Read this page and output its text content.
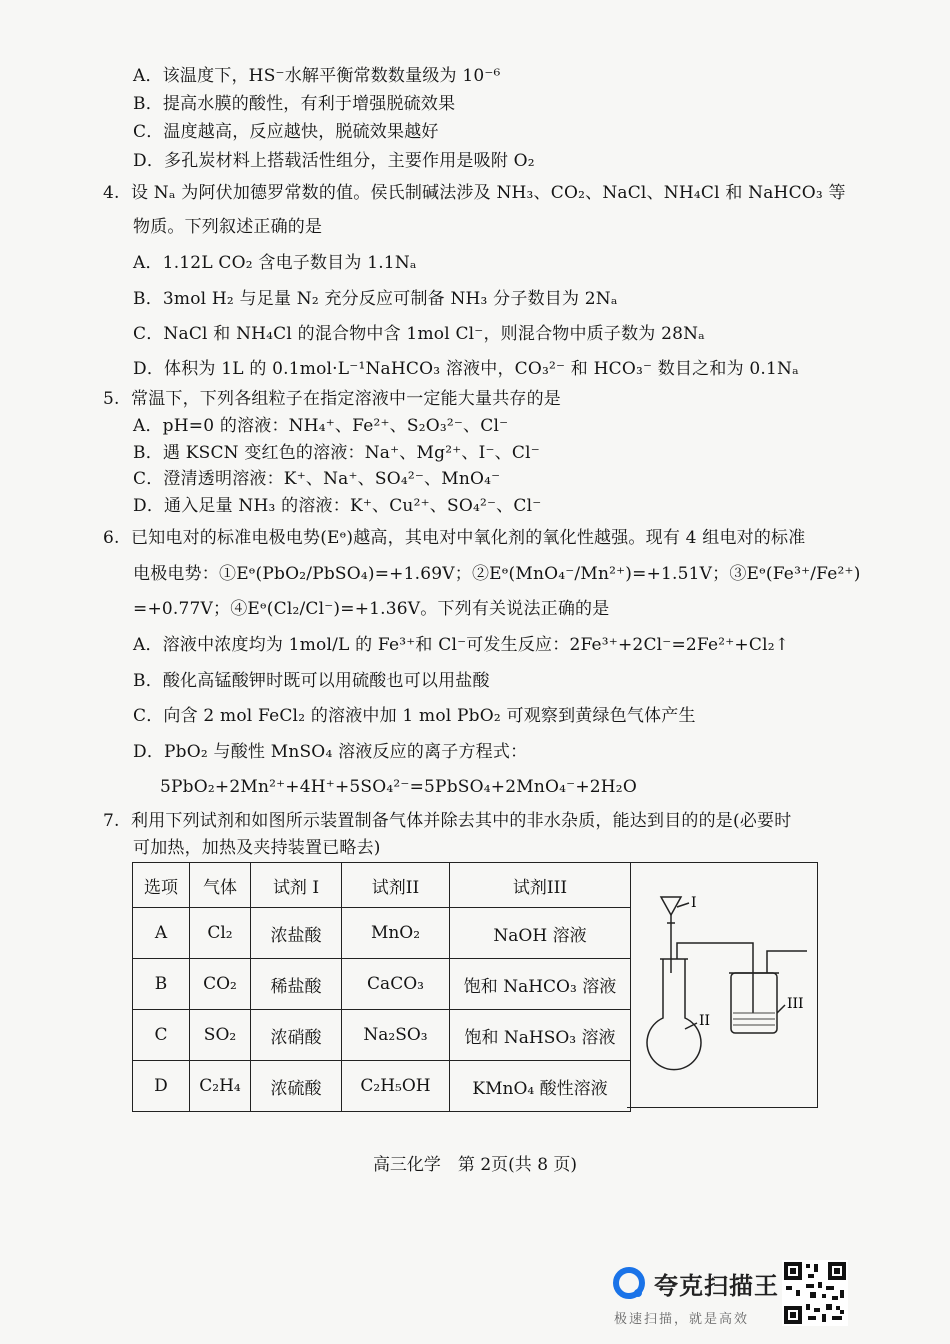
A．该温度下，HS⁻水解平衡常数数量级为 10⁻⁶
B．提高水膜的酸性，有利于增强脱硫效果
C．温度越高，反应越快，脱硫效果越好
D．多孔炭材料上搭载活性组分，主要作用是吸附 O₂
4. 设 Nₐ 为阿伏加德罗常数的值。侯氏制碱法涉及 NH₃、CO₂、NaCl、NH₄Cl 和 NaHCO₃ 等
物质。下列叙述正确的是
A．1.12L CO₂ 含电子数目为 1.1Nₐ
B．3mol H₂ 与足量 N₂ 充分反应可制备 NH₃ 分子数目为 2Nₐ
C．NaCl 和 NH₄Cl 的混合物中含 1mol Cl⁻，则混合物中质子数为 28Nₐ
D．体积为 1L 的 0.1mol·L⁻¹NaHCO₃ 溶液中，CO₃²⁻ 和 HCO₃⁻ 数目之和为 0.1Nₐ
5. 常温下，下列各组粒子在指定溶液中一定能大量共存的是
A．pH=0 的溶液：NH₄⁺、Fe²⁺、S₂O₃²⁻、Cl⁻
B．遇 KSCN 变红色的溶液：Na⁺、Mg²⁺、I⁻、Cl⁻
C．澄清透明溶液：K⁺、Na⁺、SO₄²⁻、MnO₄⁻
D．通入足量 NH₃ 的溶液：K⁺、Cu²⁺、SO₄²⁻、Cl⁻
6. 已知电对的标准电极电势(Eᶱ)越高，其电对中氧化剂的氧化性越强。现有 4 组电对的标准
电极电势：①Eᶱ(PbO₂/PbSO₄)=+1.69V；②Eᶱ(MnO₄⁻/Mn²⁺)=+1.51V；③Eᶱ(Fe³⁺/Fe²⁺)
=+0.77V；④Eᶱ(Cl₂/Cl⁻)=+1.36V。下列有关说法正确的是
A．溶液中浓度均为 1mol/L 的 Fe³⁺和 Cl⁻可发生反应：2Fe³⁺+2Cl⁻=2Fe²⁺+Cl₂↑
B．酸化高锰酸钾时既可以用硫酸也可以用盐酸
C．向含 2 mol FeCl₂ 的溶液中加 1 mol PbO₂ 可观察到黄绿色气体产生
D．PbO₂ 与酸性 MnSO₄ 溶液反应的离子方程式：
5PbO₂+2Mn²⁺+4H⁺+5SO₄²⁻=5PbSO₄+2MnO₄⁻+2H₂O
7. 利用下列试剂和如图所示装置制备气体并除去其中的非水杂质，能达到目的的是(必要时
可加热，加热及夹持装置已略去)
选项	气体	试剂 I	试剂II	试剂III
A	Cl₂	浓盐酸	MnO₂	NaOH 溶液
B	CO₂	稀盐酸	CaCO₃	饱和 NaHCO₃ 溶液
C	SO₂	浓硝酸	Na₂SO₃	饱和 NaHSO₃ 溶液
D	C₂H₄	浓硫酸	C₂H₅OH	KMnO₄ 酸性溶液
I
II
III
高三化学　第 2页(共 8 页)
夸克扫描王
极速扫描，就是高效
